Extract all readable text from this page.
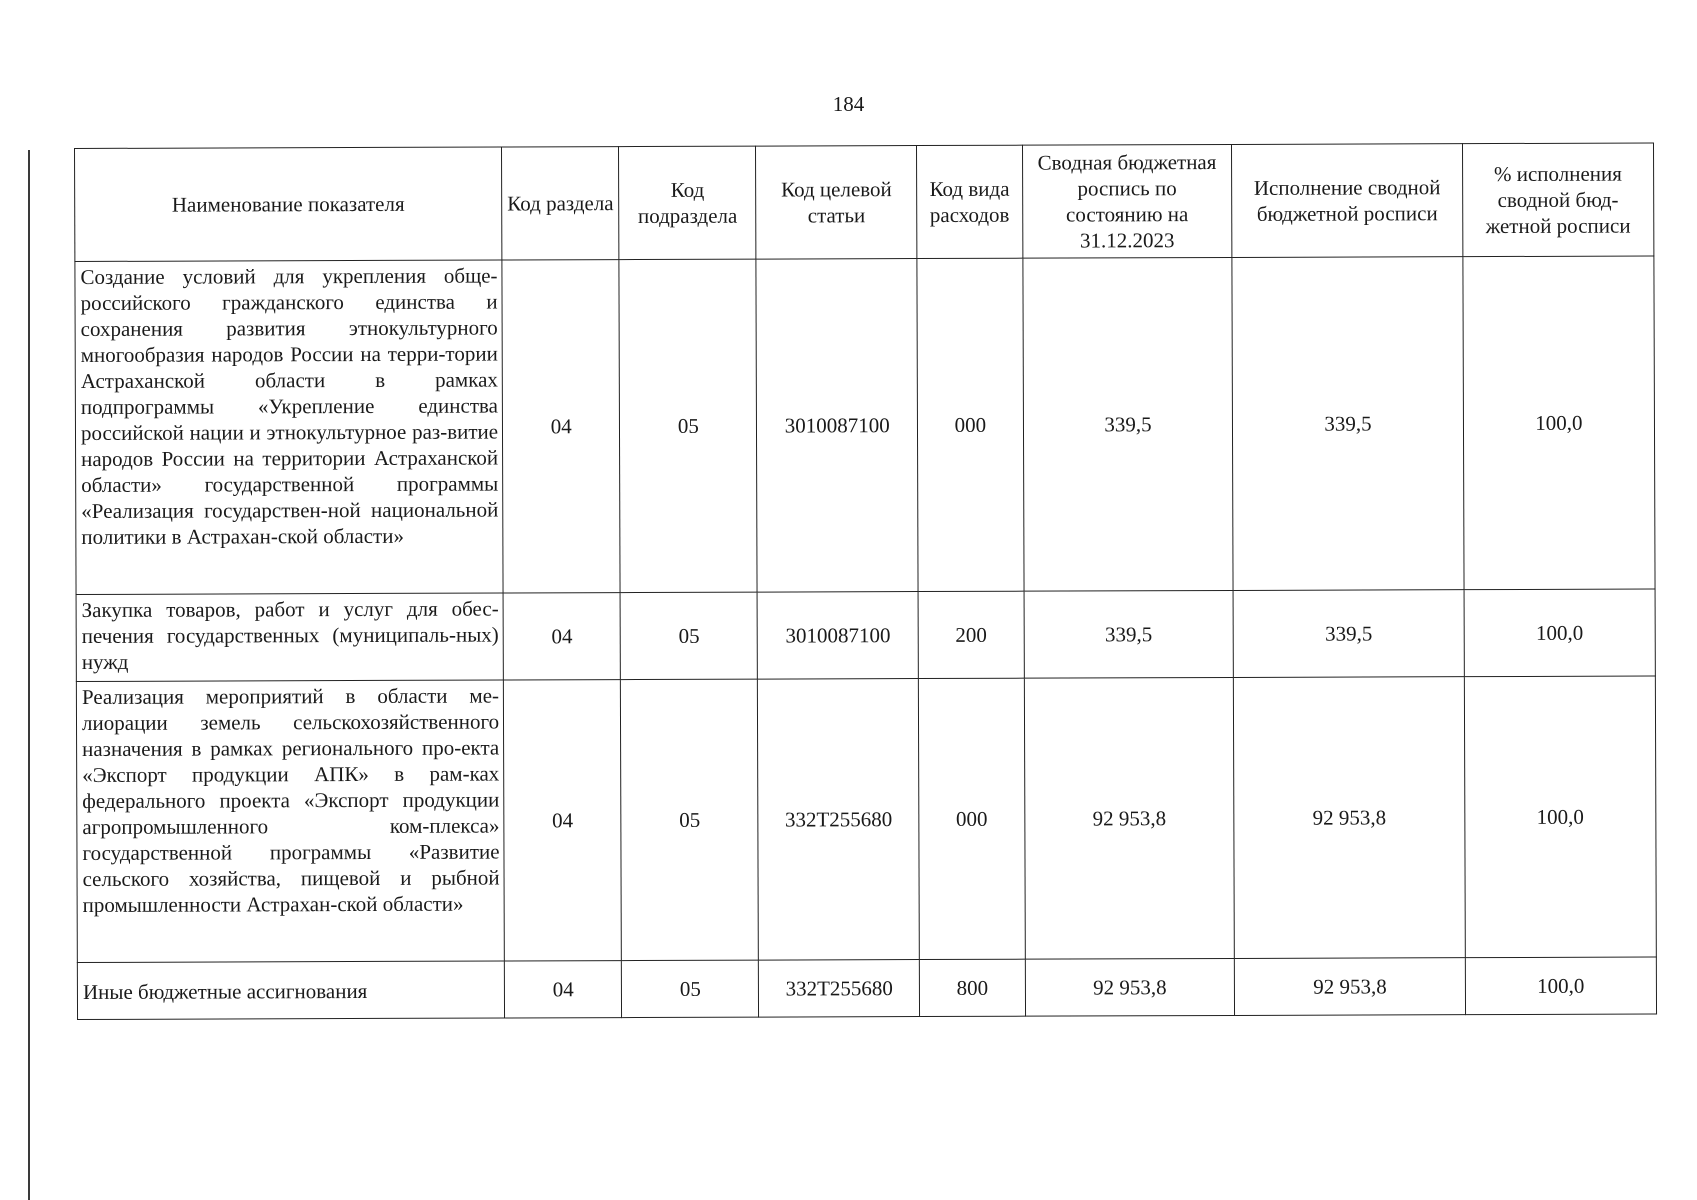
184
Наименование показателя	Код раздела	Код подраздела	Код целевой статьи	Код вида расходов	Сводная бюджетная роспись по состоянию на 31.12.2023	Исполнение сводной бюджетной росписи	% исполнения сводной бюд-жетной росписи
Создание условий для укрепления обще-российского гражданского единства и сохранения развития этнокультурного многообразия народов России на терри-тории Астраханской области в рамках подпрограммы «Укрепление единства российской нации и этнокультурное раз-витие народов России на территории Астраханской области» государственной программы «Реализация государствен-ной национальной политики в Астрахан-ской области»	04	05	3010087100	000	339,5	339,5	100,0
Закупка товаров, работ и услуг для обес-печения государственных (муниципаль-ных) нужд	04	05	3010087100	200	339,5	339,5	100,0
Реализация мероприятий в области ме-лиорации земель сельскохозяйственного назначения в рамках регионального про-екта «Экспорт продукции АПК» в рам-ках федерального проекта «Экспорт продукции агропромышленного ком-плекса» государственной программы «Развитие сельского хозяйства, пищевой и рыбной промышленности Астрахан-ской области»	04	05	332Т255680	000	92 953,8	92 953,8	100,0
Иные бюджетные ассигнования	04	05	332Т255680	800	92 953,8	92 953,8	100,0
